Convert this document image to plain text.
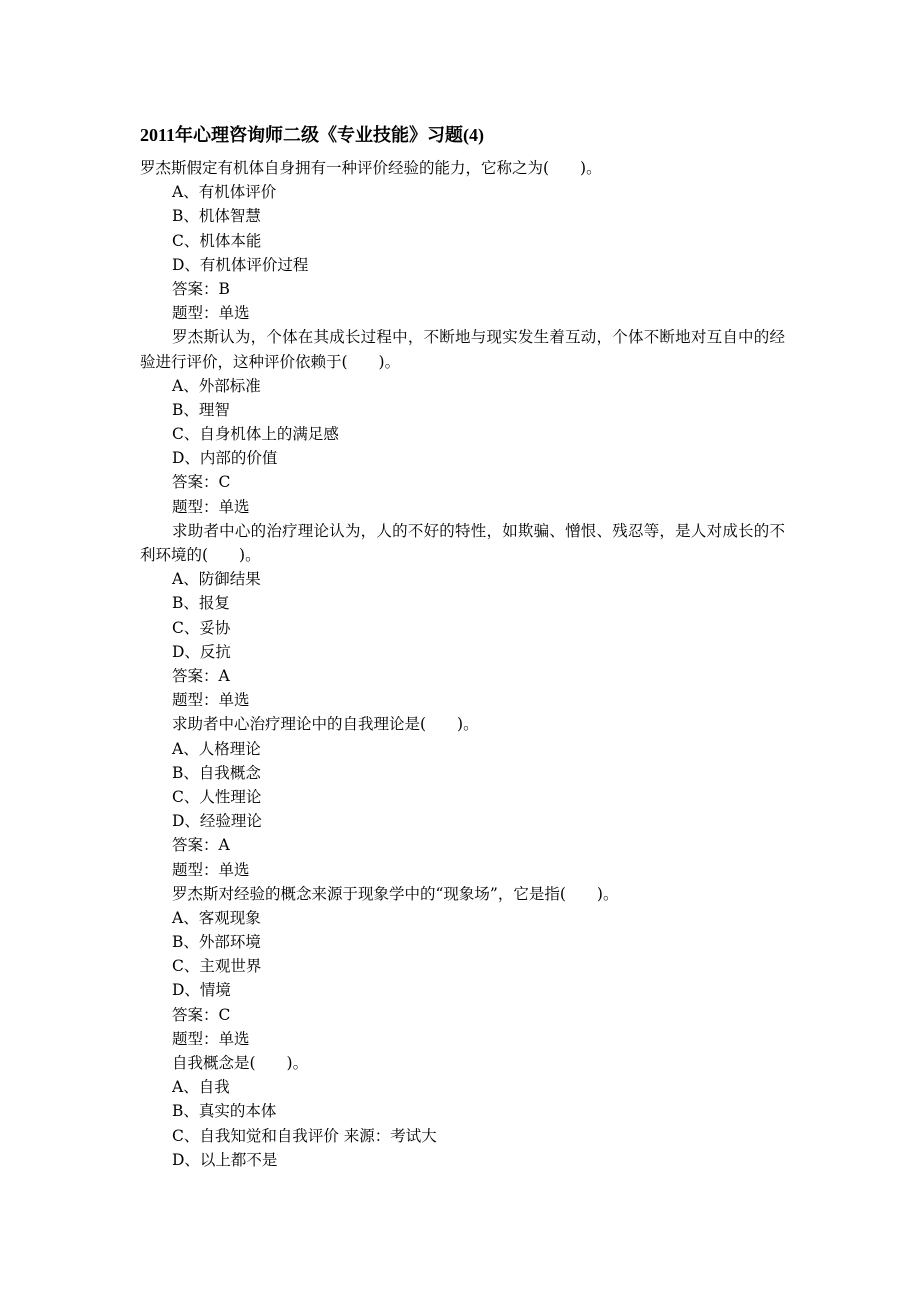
2011年心理咨询师二级《专业技能》习题(4)
罗杰斯假定有机体自身拥有一种评价经验的能力，它称之为(　　)。
A、有机体评价
B、机体智慧
C、机体本能
D、有机体评价过程
答案：B
题型：单选
罗杰斯认为，个体在其成长过程中，不断地与现实发生着互动，个体不断地对互自中的经验进行评价，这种评价依赖于(　　)。
A、外部标准
B、理智
C、自身机体上的满足感
D、内部的价值
答案：C
题型：单选
求助者中心的治疗理论认为，人的不好的特性，如欺骗、憎恨、残忍等，是人对成长的不利环境的(　　)。
A、防御结果
B、报复
C、妥协
D、反抗
答案：A
题型：单选
求助者中心治疗理论中的自我理论是(　　)。
A、人格理论
B、自我概念
C、人性理论
D、经验理论
答案：A
题型：单选
罗杰斯对经验的概念来源于现象学中的“现象场”，它是指(　　)。
A、客观现象
B、外部环境
C、主观世界
D、情境
答案：C
题型：单选
自我概念是(　　)。
A、自我
B、真实的本体
C、自我知觉和自我评价 来源：考试大
D、以上都不是
